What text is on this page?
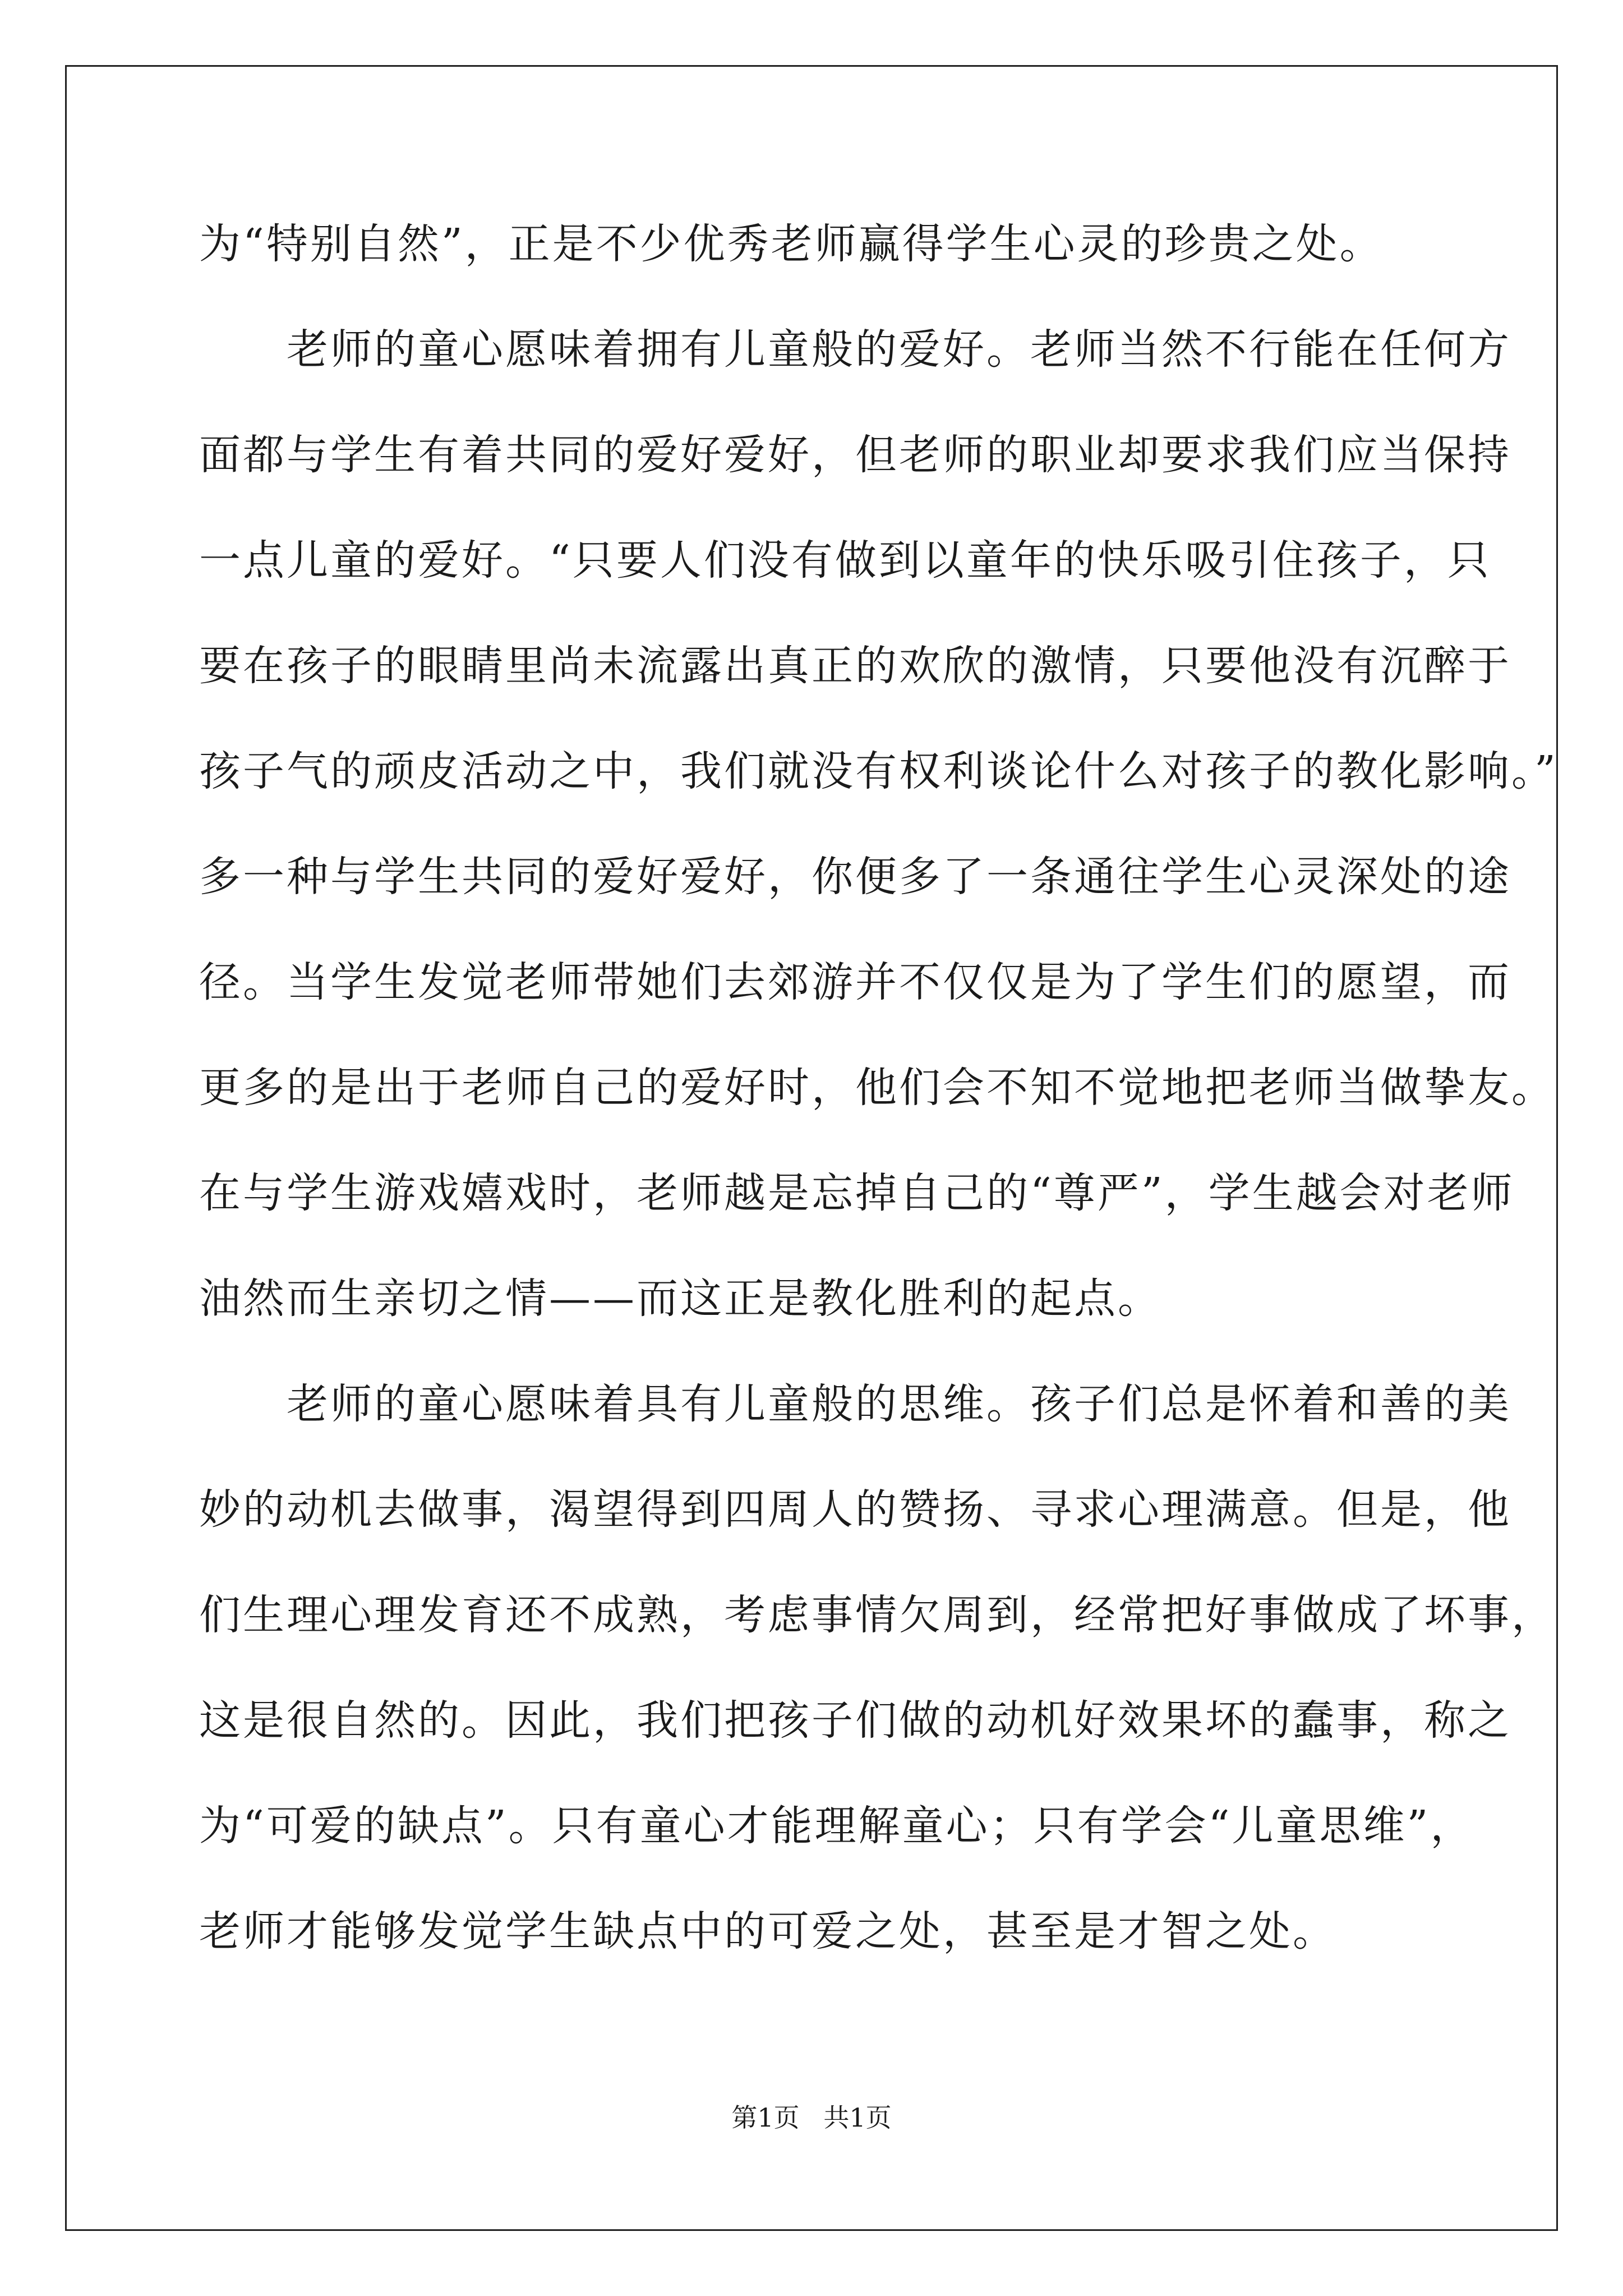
为“特别自然”，正是不少优秀老师赢得学生心灵的珍贵之处。
　　老师的童心愿味着拥有儿童般的爱好。老师当然不行能在任何方
面都与学生有着共同的爱好爱好，但老师的职业却要求我们应当保持
一点儿童的爱好。“只要人们没有做到以童年的快乐吸引住孩子，只
要在孩子的眼睛里尚未流露出真正的欢欣的激情，只要他没有沉醉于
孩子气的顽皮活动之中，我们就没有权利谈论什么对孩子的教化影响。”
多一种与学生共同的爱好爱好，你便多了一条通往学生心灵深处的途
径。当学生发觉老师带她们去郊游并不仅仅是为了学生们的愿望，而
更多的是出于老师自己的爱好时，他们会不知不觉地把老师当做挚友。
在与学生游戏嬉戏时，老师越是忘掉自己的“尊严”，学生越会对老师
油然而生亲切之情——而这正是教化胜利的起点。
　　老师的童心愿味着具有儿童般的思维。孩子们总是怀着和善的美
妙的动机去做事，渴望得到四周人的赞扬、寻求心理满意。但是，他
们生理心理发育还不成熟，考虑事情欠周到，经常把好事做成了坏事，
这是很自然的。因此，我们把孩子们做的动机好效果坏的蠢事，称之
为“可爱的缺点”。只有童心才能理解童心；只有学会“儿童思维”，
老师才能够发觉学生缺点中的可爱之处，甚至是才智之处。
第1页 共1页
